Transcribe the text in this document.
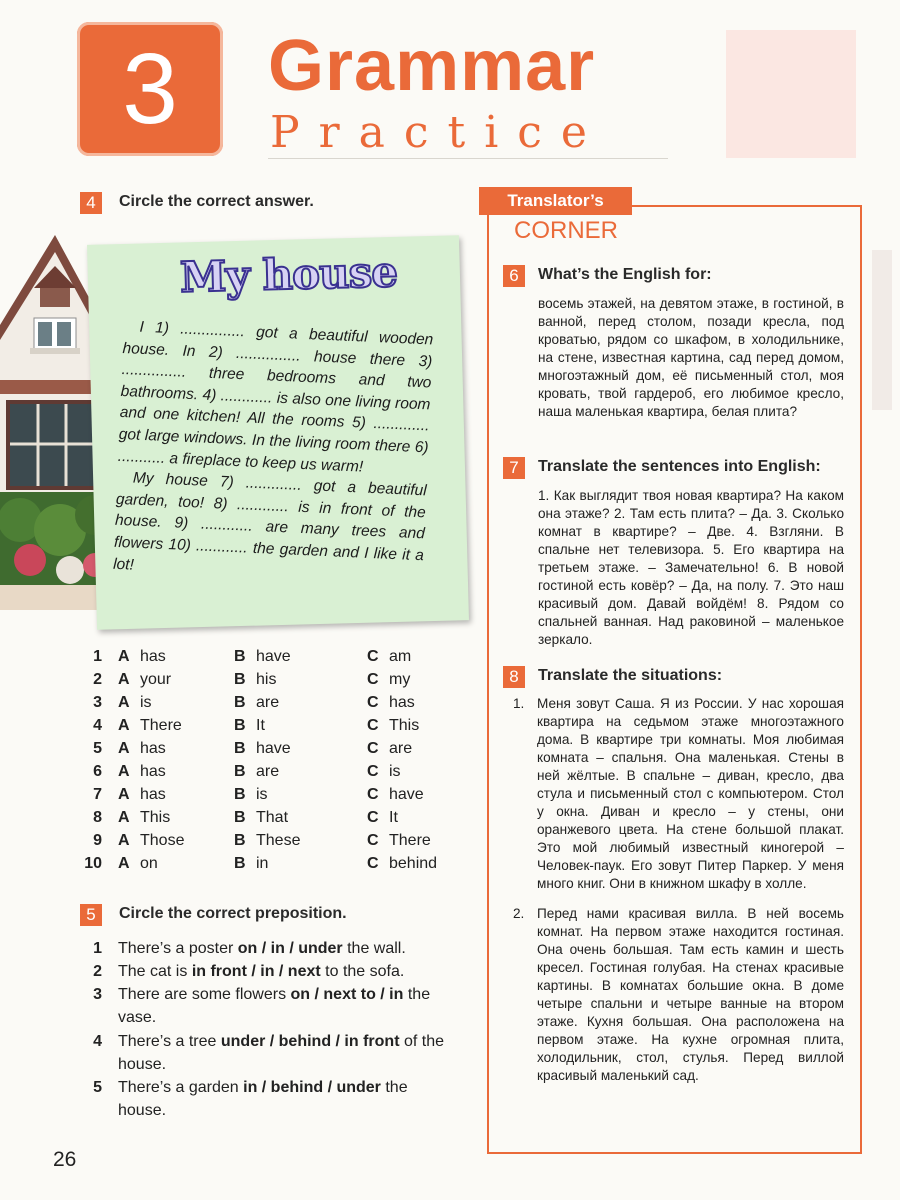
3	Grammar
Practice
4	Circle the correct answer.
My house

I 1) ............... got a beautiful wooden house. In 2) ............... house there 3) ............... three bedrooms and two bathrooms. 4) ............ is also one living room and one kitchen! All the rooms 5) ............. got large windows. In the living room there 6) ........... a fireplace to keep us warm!

My house 7) ............. got a beautiful garden, too! 8) ............ is in front of the house. 9) ............ are many trees and flowers 10) ............ the garden and I like it a lot!

1 A has	B have	C am
2 A your	B his	C my
3 A is	B are	C has
4 A There	B It	C This
5 A has	B have	C are
6 A has	B are	C is
7 A has	B is	C have
8 A This	B That	C It
9 A Those	B These	C There
10 A on	B in	C behind
5	Circle the correct preposition.
1 There’s a poster on / in / under the wall.
2 The cat is in front / in / next to the sofa.
3 There are some flowers on / next to / in the vase.
4 There’s a tree under / behind / in front of the house.
5 There’s a garden in / behind / under the house.
Translator’s
CORNER
6	What’s the English for:
восемь этажей, на девятом этаже, в гостиной, в ванной, перед столом, позади кресла, под кроватью, рядом со шкафом, в холодильнике, на стене, известная картина, сад перед домом, многоэтажный дом, её письменный стол, моя кровать, твой гардероб, его любимое кресло, наша маленькая квартира, белая плита?
7	Translate the sentences into English:
1. Как выглядит твоя новая квартира? На каком она этаже? 2. Там есть плита? – Да. 3. Сколько комнат в квартире? – Две. 4. Взгляни. В спальне нет телевизора. 5. Его квартира на третьем этаже. – Замечательно! 6. В новой гостиной есть ковёр? – Да, на полу. 7. Это наш красивый дом. Давай войдём! 8. Рядом со спальней ванная. Над раковиной – маленькое зеркало.
8	Translate the situations:
1. Меня зовут Саша. Я из России. У нас хорошая квартира на седьмом этаже многоэтажного дома. В квартире три комнаты. Моя любимая комната – спальня. Она маленькая. Стены в ней жёлтые. В спальне – диван, кресло, два стула и письменный стол с компьютером. Стол у окна. Диван и кресло – у стены, они оранжевого цвета. На стене большой плакат. Это мой любимый известный киногерой – Человек-паук. Его зовут Питер Паркер. У меня много книг. Они в книжном шкафу в холле.
2. Перед нами красивая вилла. В ней восемь комнат. На первом этаже находится гостиная. Она очень большая. Там есть камин и шесть кресел. Гостиная голубая. На стенах красивые картины. В комнатах большие окна. В доме четыре спальни и четыре ванные на втором этаже. Кухня большая. Она расположена на первом этаже. На кухне огромная плита, холодильник, стол, стулья. Перед виллой красивый маленький сад.
26
